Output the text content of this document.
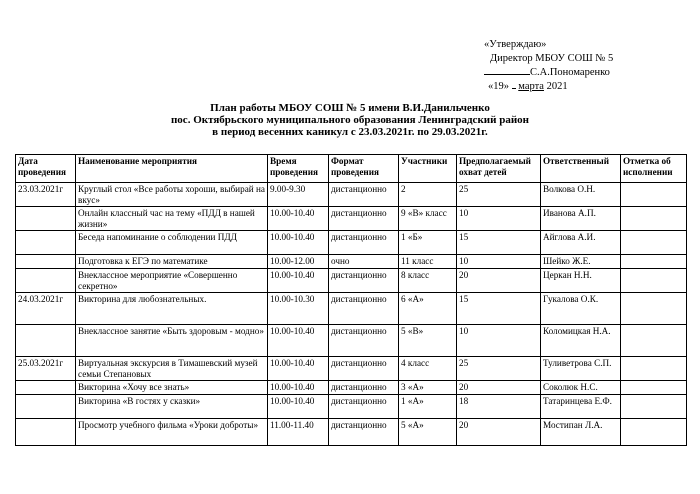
«Утверждаю»
Директор МБОУ СОШ № 5
С.А.Пономаренко
«19» марта 2021
План работы МБОУ СОШ № 5 имени В.И.Данильченко
пос. Октябрьского муниципального образования Ленинградский район
в период весенних каникул с 23.03.2021г. по 29.03.2021г.
Дата проведения	Наименование мероприятия	Время проведения	Формат проведения	Участники	Предполагаемый охват детей	Ответственный	Отметка об исполнении
23.03.2021г	Круглый стол «Все работы хороши, выбирай на вкус»	9.00-9.30	дистанционно	2	25	Волкова О.Н.	
	Онлайн классный час на тему «ПДД в нашей жизни»	10.00-10.40	дистанционно	9 «В» класс	10	Иванова А.П.	
	Беседа напоминание о соблюдении ПДД	10.00-10.40	дистанционно	1 «Б»	15	Айглова А.И.	
	Подготовка к ЕГЭ по математике	10.00-12.00	очно	11 класс	10	Шейко Ж.Е.	
	Внеклассное мероприятие «Совершенно секретно»	10.00-10.40	дистанционно	8 класс	20	Церкан Н.Н.	
24.03.2021г	Викторина для любознательных.	10.00-10.30	дистанционно	6 «А»	15	Гукалова О.К.	
	Внеклассное занятие «Быть здоровым - модно»	10.00-10.40	дистанционно	5 «В»	10	Коломицкая Н.А.	
25.03.2021г	Виртуальная экскурсия в Тимашевский музей семьи Степановых	10.00-10.40	дистанционно	4 класс	25	Туливетрова С.П.	
	Викторина «Хочу все знать»	10.00-10.40	дистанционно	3 «А»	20	Соколюк Н.С.	
	Викторина «В гостях у сказки»	10.00-10.40	дистанционно	1 «А»	18	Татаринцева Е.Ф.	
	Просмотр учебного фильма «Уроки доброты»	11.00-11.40	дистанционно	5 «А»	20	Мостипан Л.А.	
